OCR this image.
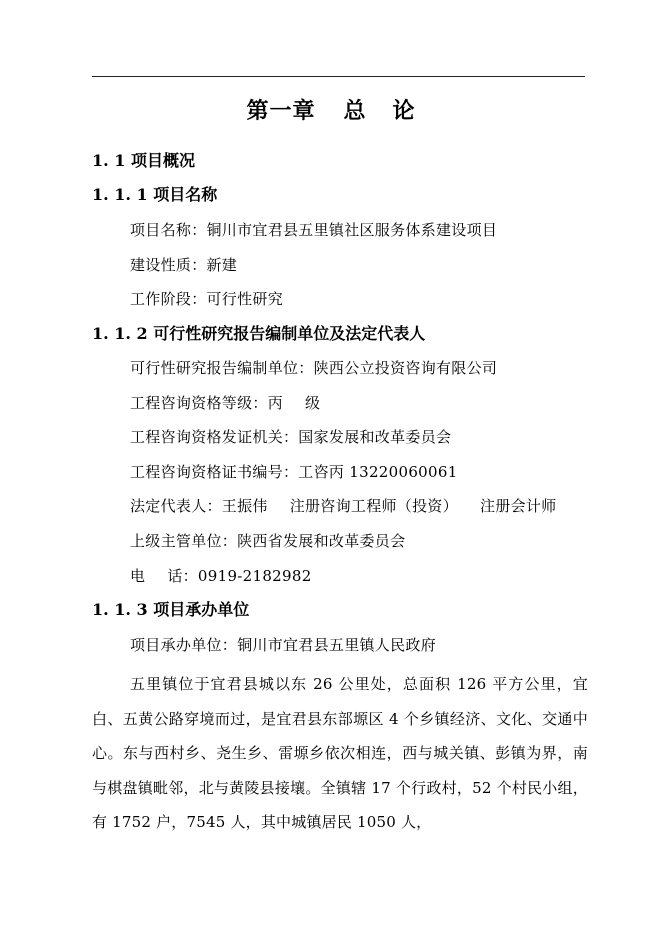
第一章 总 论
1. 1 项目概况
1. 1. 1 项目名称
项目名称：铜川市宜君县五里镇社区服务体系建设项目
建设性质：新建
工作阶段：可行性研究
1. 1. 2 可行性研究报告编制单位及法定代表人
可行性研究报告编制单位：陕西公立投资咨询有限公司
工程咨询资格等级：丙 级
工程咨询资格发证机关：国家发展和改革委员会
工程咨询资格证书编号：工咨丙 13220060061
法定代表人：王振伟 注册咨询工程师（投资） 注册会计师
上级主管单位：陕西省发展和改革委员会
电 话：0919-2182982
1. 1. 3 项目承办单位
项目承办单位：铜川市宜君县五里镇人民政府
五里镇位于宜君县城以东 26 公里处，总面积 126 平方公里，宜白、五黄公路穿境而过，是宜君县东部塬区 4 个乡镇经济、文化、交通中心。东与西村乡、尧生乡、雷塬乡依次相连，西与城关镇、彭镇为界，南与棋盘镇毗邻，北与黄陵县接壤。全镇辖 17 个行政村，52 个村民小组，有 1752 户，7545 人，其中城镇居民 1050 人，
